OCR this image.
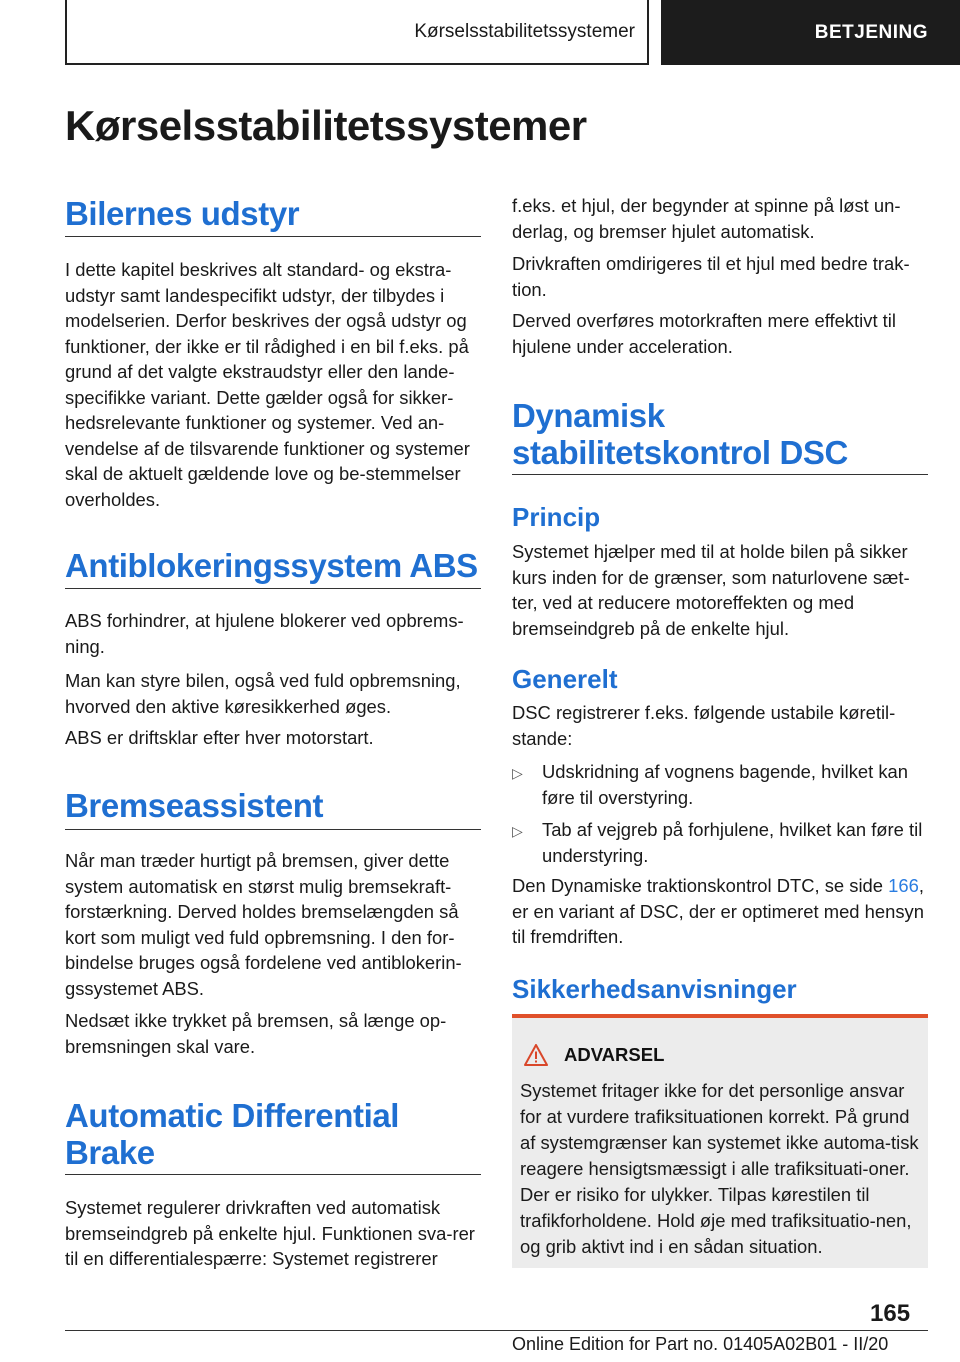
Kørselsstabilitetssystemer	BETJENING
Kørselsstabilitetssystemer
Bilernes udstyr

I dette kapitel beskrives alt standard- og ekstra-udstyr samt landespecifikt udstyr, der tilbydes i modelserien. Derfor beskrives der også udstyr og funktioner, der ikke er til rådighed i en bil f.eks. på grund af det valgte ekstraudstyr eller den lande-specifikke variant. Dette gælder også for sikker-hedsrelevante funktioner og systemer. Ved an-vendelse af de tilsvarende funktioner og systemer skal de aktuelt gældende love og be-stemmelser overholdes.

Antiblokeringssystem ABS

ABS forhindrer, at hjulene blokerer ved opbrems-ning.

Man kan styre bilen, også ved fuld opbremsning, hvorved den aktive køresikkerhed øges.

ABS er driftsklar efter hver motorstart.

Bremseassistent

Når man træder hurtigt på bremsen, giver dette system automatisk en størst mulig bremsekraft-forstærkning. Derved holdes bremselængden så kort som muligt ved fuld opbremsning. I den for-bindelse bruges også fordelene ved antiblokerin-gssystemet ABS.

Nedsæt ikke trykket på bremsen, så længe op-bremsningen skal vare.

Automatic Differential Brake

Systemet regulerer drivkraften ved automatisk bremseindgreb på enkelte hjul. Funktionen sva-rer til en differentialespærre: Systemet registrerer

f.eks. et hjul, der begynder at spinne på løst un-derlag, og bremser hjulet automatisk.

Drivkraften omdirigeres til et hjul med bedre trak-tion.

Derved overføres motorkraften mere effektivt til hjulene under acceleration.

Dynamisk stabilitetskontrol DSC
Princip

Systemet hjælper med til at holde bilen på sikker kurs inden for de grænser, som naturlovene sæt-ter, ved at reducere motoreffekten og med bremseindgreb på de enkelte hjul.

Generelt

DSC registrerer f.eks. følgende ustabile køretil-stande:

▷ Udskridning af vognens bagende, hvilket kan føre til overstyring.
▷ Tab af vejgreb på forhjulene, hvilket kan føre til understyring.

Den Dynamiske traktionskontrol DTC, se side 166, er en variant af DSC, der er optimeret med hensyn til fremdriften.

Sikkerhedsanvisninger
ADVARSEL

Systemet fritager ikke for det personlige ansvar for at vurdere trafiksituationen korrekt. På grund af systemgrænser kan systemet ikke automa-tisk reagere hensigtsmæssigt i alle trafiksituati-oner. Der er risiko for ulykker. Tilpas kørestilen til trafikforholdene. Hold øje med trafiksituatio-nen, og grib aktivt ind i en sådan situation.

165
Online Edition for Part no. 01405A02B01 - II/20
